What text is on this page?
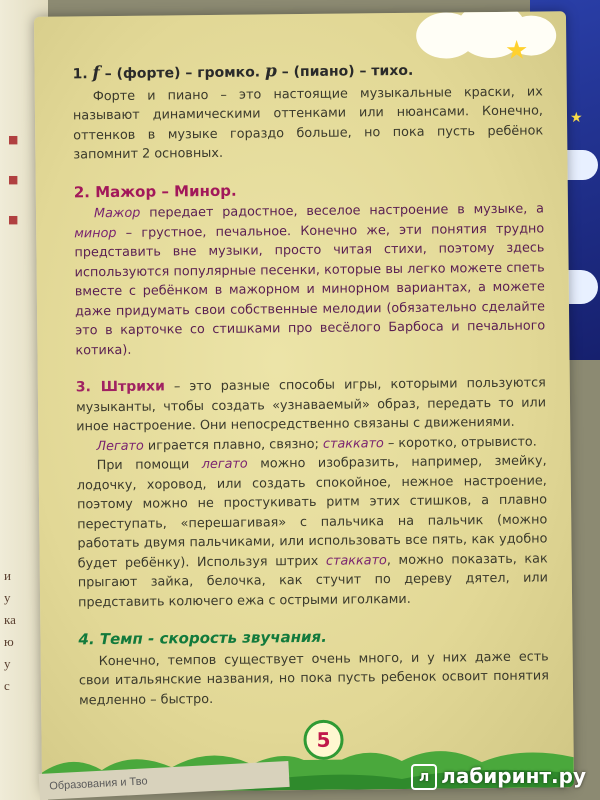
■
■
■
и
у
ка
ю
у
с
★
★
1. f – (форте) – громко. p – (пиано) – тихо.

Форте и пиано – это настоящие музыкальные краски, их называют динамическими оттенками или нюансами. Конечно, оттенков в музыке гораздо больше, но пока пусть ребёнок запомнит 2 основных.

2. Мажор – Минор.

Мажор передает радостное, веселое настроение в музыке, а минор – грустное, печальное. Конечно же, эти понятия трудно представить вне музыки, просто читая стихи, поэтому здесь используются популярные песенки, которые вы легко можете спеть вместе с ребёнком в мажорном и минорном вариантах, а можете даже придумать свои собственные мелодии (обязательно сделайте это в карточке со стишками про весёлого Барбоса и печального котика).

3. Штрихи – это разные способы игры, которыми пользуются музыканты, чтобы создать «узнаваемый» образ, передать то или иное настроение. Они непосредственно связаны с движениями.

Легато играется плавно, связно; стаккато – коротко, отрывисто.

При помощи легато можно изобразить, например, змейку, лодочку, хоровод, или создать спокойное, нежное настроение, поэтому можно не простукивать ритм этих стишков, а плавно переступать, «перешагивая» с пальчика на пальчик (можно работать двумя пальчиками, или использовать все пять, как удобно будет ребёнку). Используя штрих стаккато, можно показать, как прыгают зайка, белочка, как стучит по дереву дятел, или представить колючего ежа с острыми иголками.

4. Темп - скорость звучания.

Конечно, темпов существует очень много, и у них даже есть свои итальянские названия, но пока пусть ребенок освоит понятия медленно – быстро.

5
Образования и Тво	л лабиринт.ру
